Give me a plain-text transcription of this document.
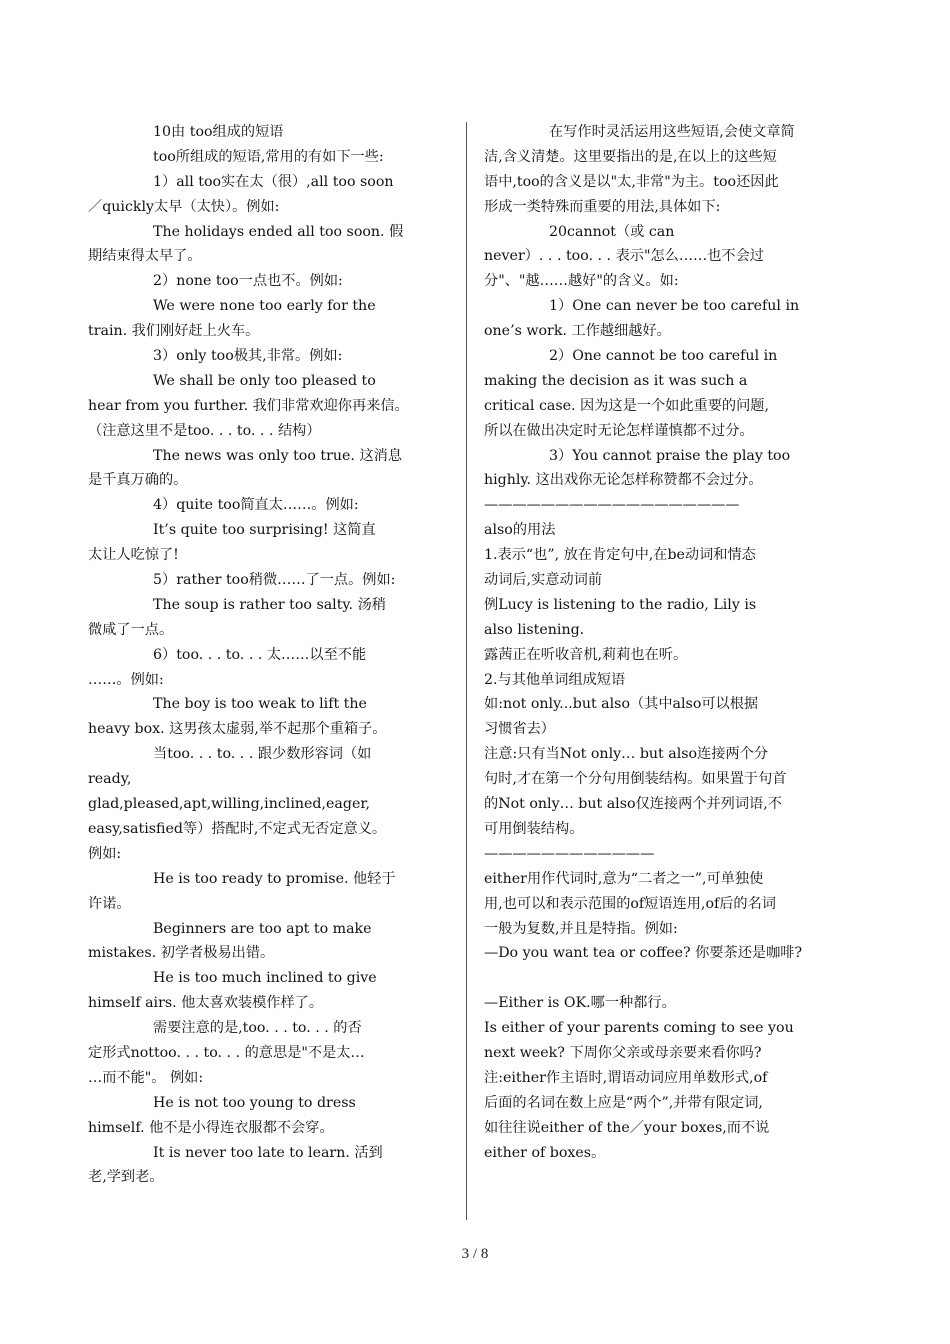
10由 too组成的短语
too所组成的短语,常用的有如下一些:
1）all too实在太（很）,all too soon
／quickly太早（太快）。例如:
The holidays ended all too soon. 假
期结束得太早了。
2）none too一点也不。例如:
We were none too early for the
train. 我们刚好赶上火车。
3）only too极其,非常。例如:
We shall be only too pleased to
hear from you further. 我们非常欢迎你再来信。
（注意这里不是too. . . to. . . 结构）
The news was only too true. 这消息
是千真万确的。
4）quite too简直太……。例如:
It’s quite too surprising! 这简直
太让人吃惊了!
5）rather too稍微……了一点。例如:
The soup is rather too salty. 汤稍
微咸了一点。
6）too. . . to. . . 太……以至不能
……。例如:
The boy is too weak to lift the
heavy box. 这男孩太虚弱,举不起那个重箱子。
当too. . . to. . . 跟少数形容词（如
ready,
glad,pleased,apt,willing,inclined,eager,
easy,satisfied等）搭配时,不定式无否定意义。
例如:
He is too ready to promise. 他轻于
许诺。
Beginners are too apt to make
mistakes. 初学者极易出错。
He is too much inclined to give
himself airs. 他太喜欢装模作样了。
需要注意的是,too. . . to. . . 的否
定形式nottoo. . . to. . . 的意思是"不是太…
…而不能"。 例如:
He is not too young to dress
himself. 他不是小得连衣服都不会穿。
It is never too late to learn. 活到
老,学到老。
在写作时灵活运用这些短语,会使文章简
洁,含义清楚。这里要指出的是,在以上的这些短
语中,too的含义是以"太,非常"为主。too还因此
形成一类特殊而重要的用法,具体如下:
20cannot（或 can
never）. . . too. . . 表示"怎么……也不会过
分"、"越……越好"的含义。如:
1）One can never be too careful in
one’s work. 工作越细越好。
2）One cannot be too careful in
making the decision as it was such a
critical case. 因为这是一个如此重要的问题,
所以在做出决定时无论怎样谨慎都不过分。
3）You cannot praise the play too
highly. 这出戏你无论怎样称赞都不会过分。
——————————————————
also的用法
1.表示“也”, 放在肯定句中,在be动词和情态
动词后,实意动词前
例Lucy is listening to the radio, Lily is
also listening.
露茜正在听收音机,莉莉也在听。
2.与其他单词组成短语
如:not only...but also（其中also可以根据
习惯省去）
注意:只有当Not only… but also连接两个分
句时,才在第一个分句用倒装结构。如果置于句首
的Not only… but also仅连接两个并列词语,不
可用倒装结构。
————————————
either用作代词时,意为“二者之一”,可单独使
用,也可以和表示范围的of短语连用,of后的名词
一般为复数,并且是特指。例如:
—Do you want tea or coffee? 你要茶还是咖啡?
—Either is OK.哪一种都行。
Is either of your parents coming to see you
next week? 下周你父亲或母亲要来看你吗?
注:either作主语时,谓语动词应用单数形式,of
后面的名词在数上应是“两个”,并带有限定词,
如往往说either of the／your boxes,而不说
either of boxes。
3 / 8
